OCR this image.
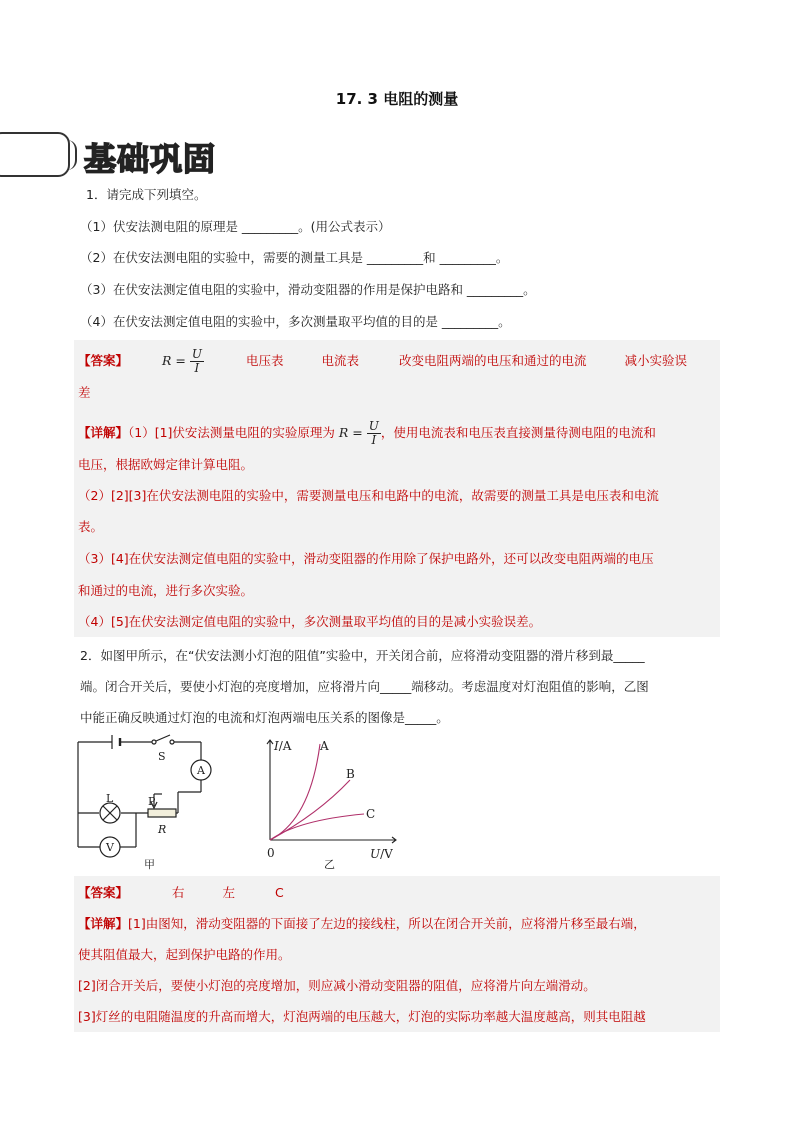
17. 3 电阻的测量
基础巩固
1．请完成下列填空。
（1）伏安法测电阻的原理是 _________。(用公式表示）
（2）在伏安法测电阻的实验中，需要的测量工具是 _________和 _________。
（3）在伏安法测定值电阻的实验中，滑动变阻器的作用是保护电路和 _________。
（4）在伏安法测定值电阻的实验中，多次测量取平均值的目的是 _________。
【答案】	$R = \frac{U}{I}$	电压表	电流表	改变电阻两端的电压和通过的电流	减小实验误
差
【详解】（1）[1]伏安法测量电阻的实验原理为 $R = \frac{U}{I}$ ，使用电流表和电压表直接测量待测电阻的电流和
电压，根据欧姆定律计算电阻。
（2）[2][3]在伏安法测电阻的实验中，需要测量电压和电路中的电流，故需要的测量工具是电压表和电流
表。
（3）[4]在伏安法测定值电阻的实验中，滑动变阻器的作用除了保护电路外，还可以改变电阻两端的电压
和通过的电流，进行多次实验。
（4）[5]在伏安法测定值电阻的实验中，多次测量取平均值的目的是减小实验误差。
2．如图甲所示，在“伏安法测小灯泡的阻值”实验中，开关闭合前，应将滑动变阻器的滑片移到最_____
端。闭合开关后，要使小灯泡的亮度增加，应将滑片向_____端移动。考虑温度对灯泡阻值的影响，乙图
中能正确反映通过灯泡的电流和灯泡两端电压关系的图像是_____。
S
A
L	P
R
V
甲
I/A A
B
C
0	U/V
乙
【答案】	右	左	C
【详解】[1]由图知，滑动变阻器的下面接了左边的接线柱，所以在闭合开关前，应将滑片移至最右端，
使其阻值最大，起到保护电路的作用。
[2]闭合开关后，要使小灯泡的亮度增加，则应减小滑动变阻器的阻值，应将滑片向左端滑动。
[3]灯丝的电阻随温度的升高而增大，灯泡两端的电压越大，灯泡的实际功率越大温度越高，则其电阻越
